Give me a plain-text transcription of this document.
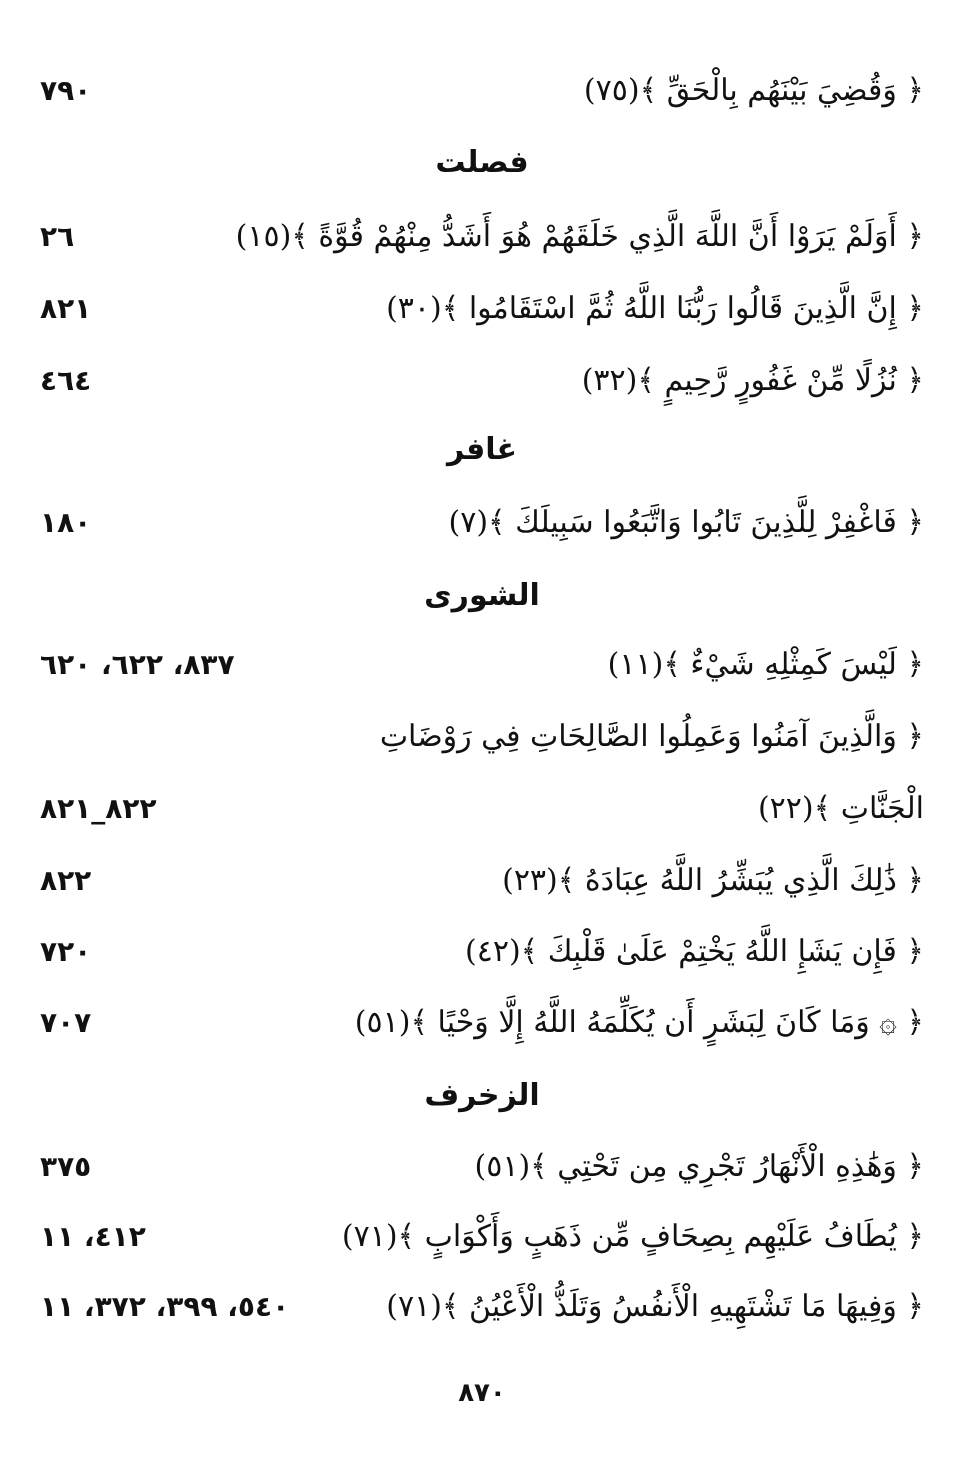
٧٩٠	﴿ وَقُضِيَ بَيْنَهُم بِالْحَقِّ ﴾(٧٥)
فصلت
٢٦	﴿ أَوَلَمْ يَرَوْا أَنَّ اللَّهَ الَّذِي خَلَقَهُمْ هُوَ أَشَدُّ مِنْهُمْ قُوَّةً ﴾(١٥)
٨٢١	﴿ إِنَّ الَّذِينَ قَالُوا رَبُّنَا اللَّهُ ثُمَّ اسْتَقَامُوا ﴾(٣٠)
٤٦٤	﴿ نُزُلًا مِّنْ غَفُورٍ رَّحِيمٍ ﴾(٣٢)
غافر
١٨٠	﴿ فَاغْفِرْ لِلَّذِينَ تَابُوا وَاتَّبَعُوا سَبِيلَكَ ﴾(٧)
الشورى
٨٣٧، ٦٢٢، ٦٢٠	﴿ لَيْسَ كَمِثْلِهِ شَيْءٌ ﴾(١١)
﴿ وَالَّذِينَ آمَنُوا وَعَمِلُوا الصَّالِحَاتِ فِي رَوْضَاتِ
٨٢٢_٨٢١	الْجَنَّاتِ ﴾(٢٢)
٨٢٢	﴿ ذَٰلِكَ الَّذِي يُبَشِّرُ اللَّهُ عِبَادَهُ ﴾(٢٣)
٧٢٠	﴿ فَإِن يَشَإِ اللَّهُ يَخْتِمْ عَلَىٰ قَلْبِكَ ﴾(٤٢)
٧٠٧	﴿ ۞ وَمَا كَانَ لِبَشَرٍ أَن يُكَلِّمَهُ اللَّهُ إِلَّا وَحْيًا ﴾(٥١)
الزخرف
٣٧٥	﴿ وَهَٰذِهِ الْأَنْهَارُ تَجْرِي مِن تَحْتِي ﴾(٥١)
٤١٢، ١١	﴿ يُطَافُ عَلَيْهِم بِصِحَافٍ مِّن ذَهَبٍ وَأَكْوَابٍ ﴾(٧١)
٥٤٠، ٣٩٩، ٣٧٢، ١١	﴿ وَفِيهَا مَا تَشْتَهِيهِ الْأَنفُسُ وَتَلَذُّ الْأَعْيُنُ ﴾(٧١)
٨٧٠
